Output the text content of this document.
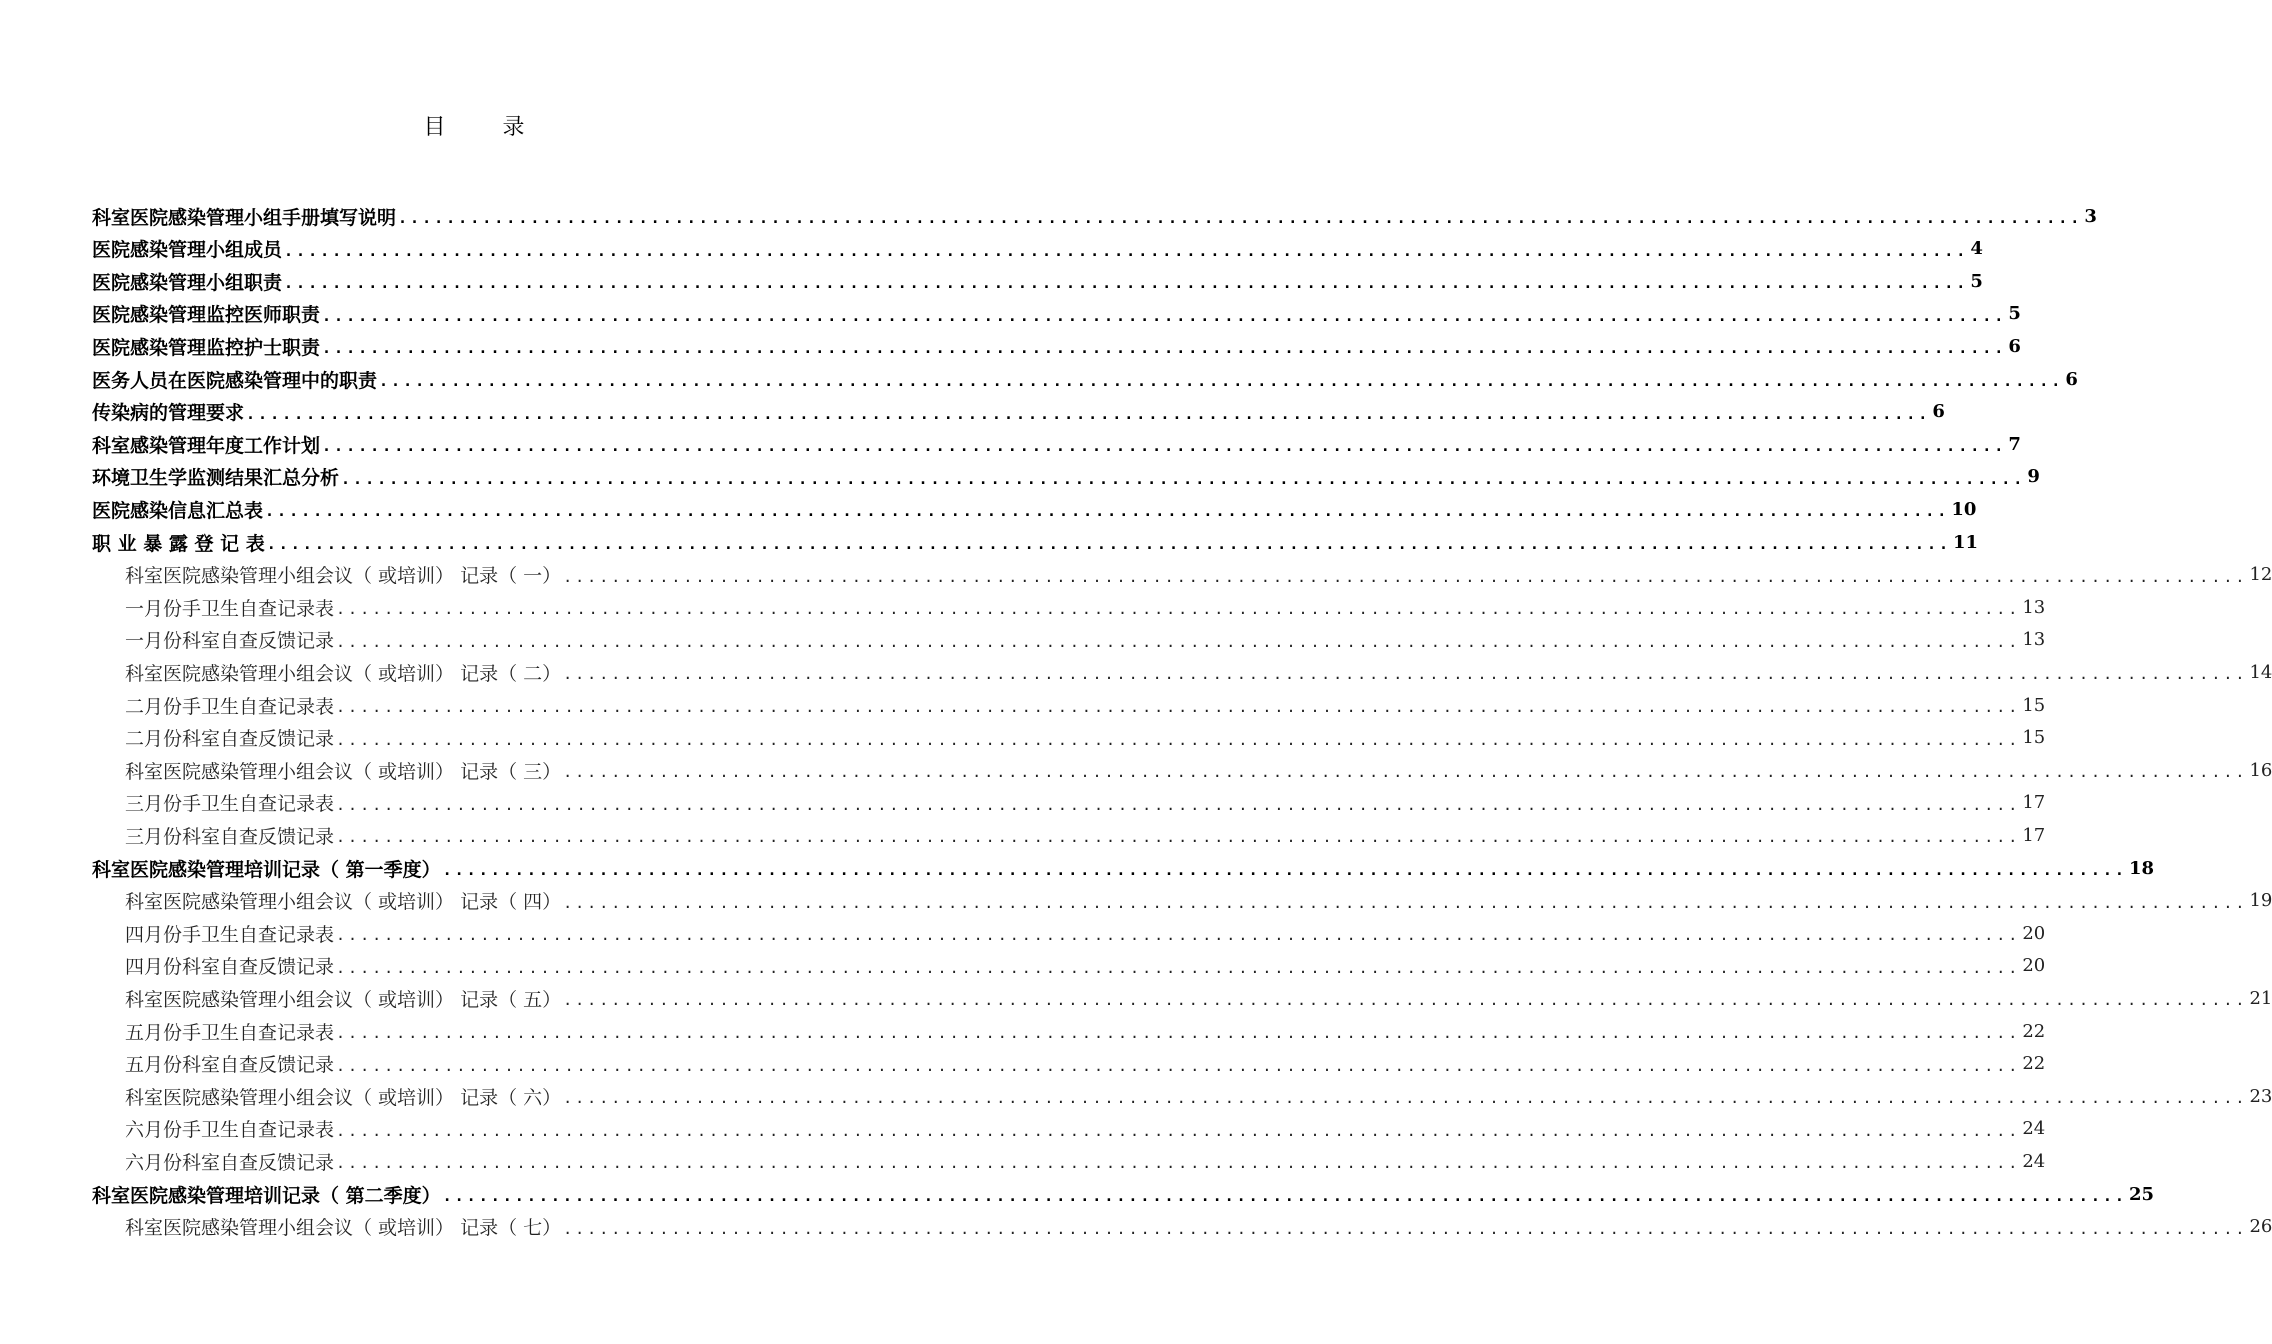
目	录
科室医院感染管理小组手册填写说明 ............................................................................................................................................ 3
医院感染管理小组成员 ............................................................................................................................................ 4
医院感染管理小组职责 ............................................................................................................................................ 5
医院感染管理监控医师职责 ............................................................................................................................................ 5
医院感染管理监控护士职责 ............................................................................................................................................ 6
医务人员在医院感染管理中的职责 ............................................................................................................................................ 6
传染病的管理要求 ............................................................................................................................................ 6
科室感染管理年度工作计划 ............................................................................................................................................ 7
环境卫生学监测结果汇总分析 ............................................................................................................................................ 9
医院感染信息汇总表 ............................................................................................................................................ 10
职 业 暴 露 登 记 表 ............................................................................................................................................ 11
科室医院感染管理小组会议（ 或培训） 记录（ 一） ............................................................................................................................................ 12
一月份手卫生自查记录表 ............................................................................................................................................ 13
一月份科室自查反馈记录 ............................................................................................................................................ 13
科室医院感染管理小组会议（ 或培训） 记录（ 二） ............................................................................................................................................ 14
二月份手卫生自查记录表 ............................................................................................................................................ 15
二月份科室自查反馈记录 ............................................................................................................................................ 15
科室医院感染管理小组会议（ 或培训） 记录（ 三） ............................................................................................................................................ 16
三月份手卫生自查记录表 ............................................................................................................................................ 17
三月份科室自查反馈记录 ............................................................................................................................................ 17
科室医院感染管理培训记录（ 第一季度） ............................................................................................................................................ 18
科室医院感染管理小组会议（ 或培训） 记录（ 四） ............................................................................................................................................ 19
四月份手卫生自查记录表 ............................................................................................................................................ 20
四月份科室自查反馈记录 ............................................................................................................................................ 20
科室医院感染管理小组会议（ 或培训） 记录（ 五） ............................................................................................................................................ 21
五月份手卫生自查记录表 ............................................................................................................................................ 22
五月份科室自查反馈记录 ............................................................................................................................................ 22
科室医院感染管理小组会议（ 或培训） 记录（ 六） ............................................................................................................................................ 23
六月份手卫生自查记录表 ............................................................................................................................................ 24
六月份科室自查反馈记录 ............................................................................................................................................ 24
科室医院感染管理培训记录（ 第二季度） ............................................................................................................................................ 25
科室医院感染管理小组会议（ 或培训） 记录（ 七） ............................................................................................................................................ 26
